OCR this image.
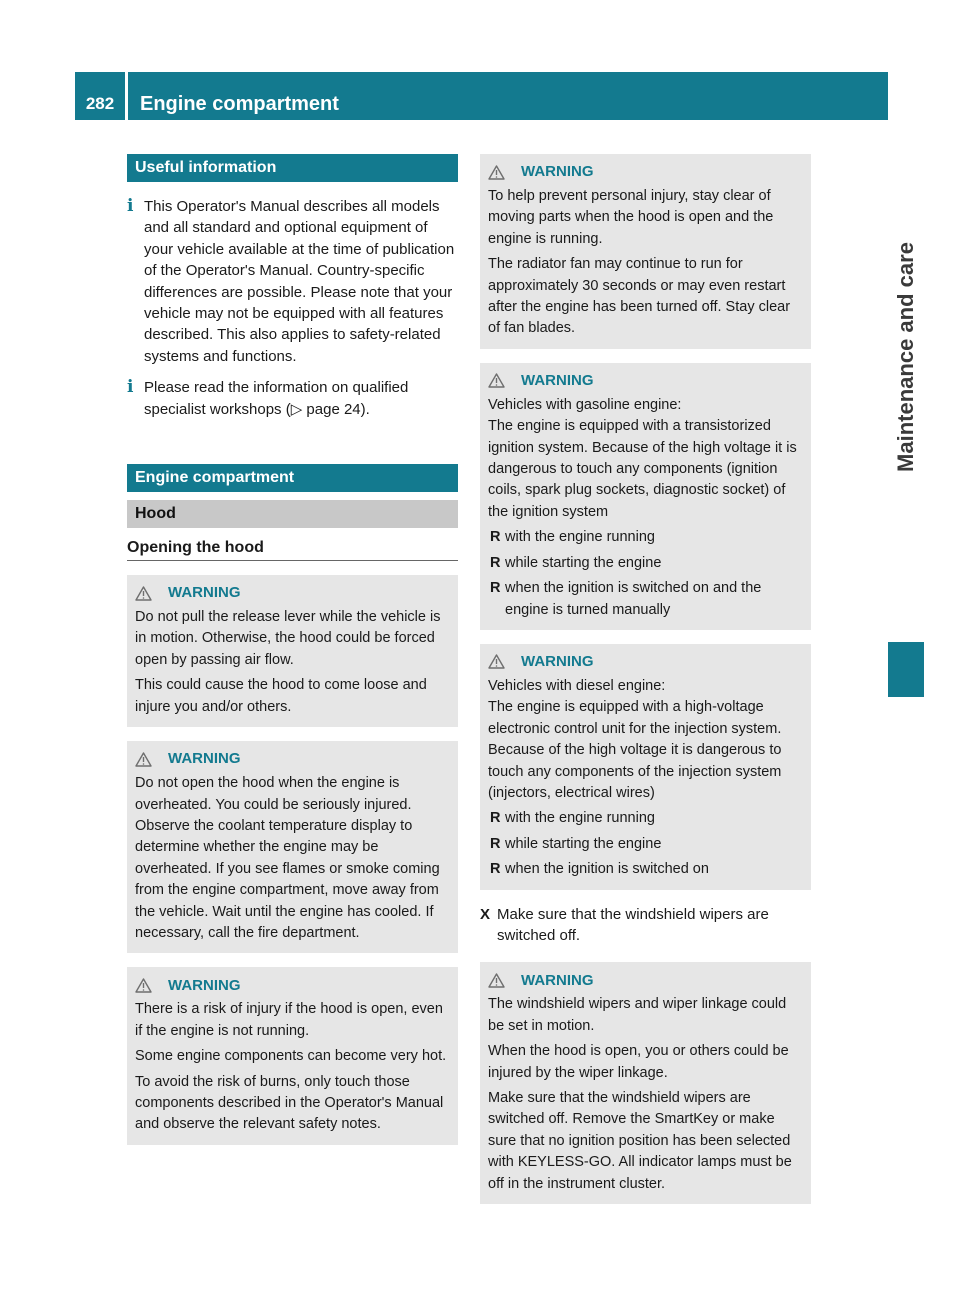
282	Engine compartment
Maintenance and care
Useful information
i This Operator's Manual describes all models and all standard and optional equipment of your vehicle available at the time of publication of the Operator's Manual. Country-specific differences are possible. Please note that your vehicle may not be equipped with all features described. This also applies to safety-related systems and functions.
i Please read the information on qualified specialist workshops (▷ page 24).
Engine compartment
Hood
Opening the hood
WARNING

Do not pull the release lever while the vehicle is in motion. Otherwise, the hood could be forced open by passing air flow.

This could cause the hood to come loose and injure you and/or others.

WARNING

Do not open the hood when the engine is overheated. You could be seriously injured. Observe the coolant temperature display to determine whether the engine may be overheated. If you see flames or smoke coming from the engine compartment, move away from the vehicle. Wait until the engine has cooled. If necessary, call the fire department.

WARNING

There is a risk of injury if the hood is open, even if the engine is not running.

Some engine components can become very hot.

To avoid the risk of burns, only touch those components described in the Operator's Manual and observe the relevant safety notes.

WARNING

To help prevent personal injury, stay clear of moving parts when the hood is open and the engine is running.

The radiator fan may continue to run for approximately 30 seconds or may even restart after the engine has been turned off. Stay clear of fan blades.

WARNING

Vehicles with gasoline engine:
The engine is equipped with a transistorized ignition system. Because of the high voltage it is dangerous to touch any components (ignition coils, spark plug sockets, diagnostic socket) of the ignition system

R with the engine running
R while starting the engine
R when the ignition is switched on and the engine is turned manually
WARNING

Vehicles with diesel engine:
The engine is equipped with a high-voltage electronic control unit for the injection system. Because of the high voltage it is dangerous to touch any components of the injection system (injectors, electrical wires)

R with the engine running
R while starting the engine
R when the ignition is switched on
X Make sure that the windshield wipers are switched off.
WARNING

The windshield wipers and wiper linkage could be set in motion.

When the hood is open, you or others could be injured by the wiper linkage.

Make sure that the windshield wipers are switched off. Remove the SmartKey or make sure that no ignition position has been selected with KEYLESS-GO. All indicator lamps must be off in the instrument cluster.
